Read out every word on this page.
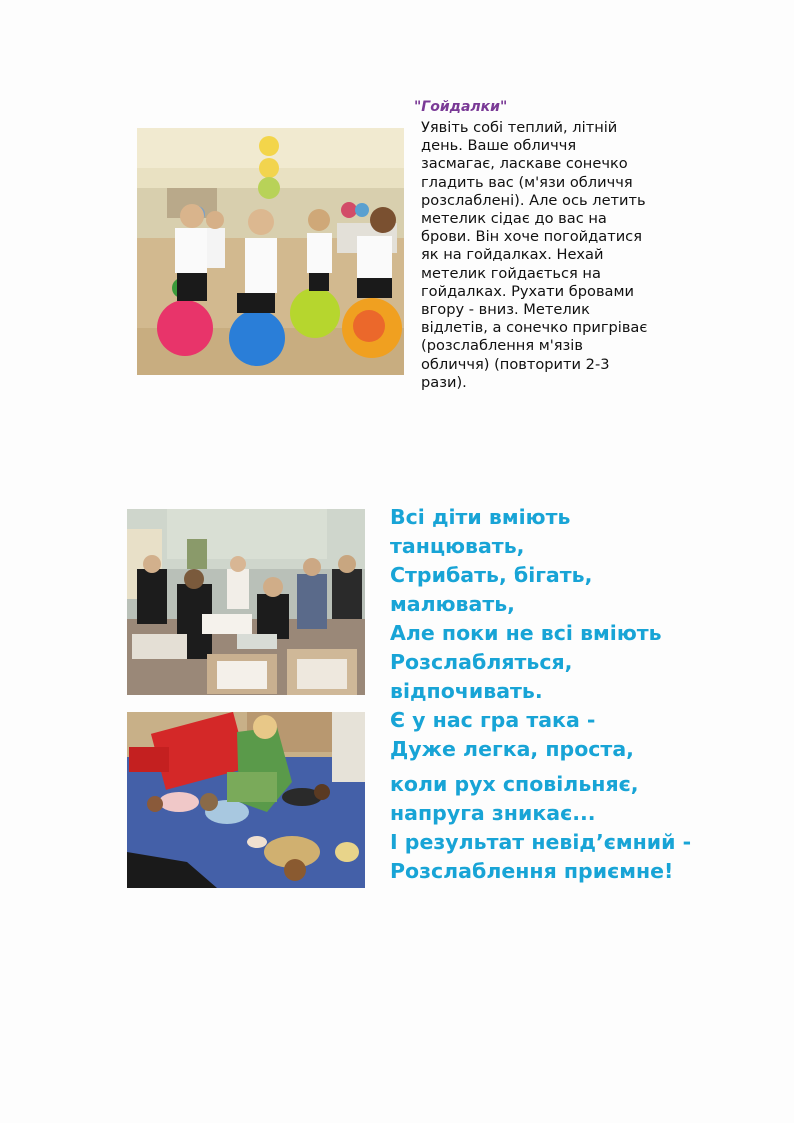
"Гойдалки"

Уявіть собі теплий, літній
день. Ваше обличчя
засмагає, ласкаве сонечко
гладить вас (м'язи обличчя
розслаблені). Але ось летить
метелик сідає до вас на
брови. Він хоче погойдатися
як на гойдалках. Нехай
метелик гойдається на
гойдалках. Рухати бровами
вгору - вниз. Метелик
відлетів, а сонечко пригріває
(розслаблення м'язів
обличчя) (повторити 2-3
рази).

Всі діти вміють
танцювать,
Стрибать, бігать,
малювать,
Але поки не всі вміють
Розслабляться,
відпочивать.
Є у нас гра така -
Дуже легка, проста,
коли рух сповільняє,
напруга зникає...
І результат невід’ємний -
Розслаблення приємне!
